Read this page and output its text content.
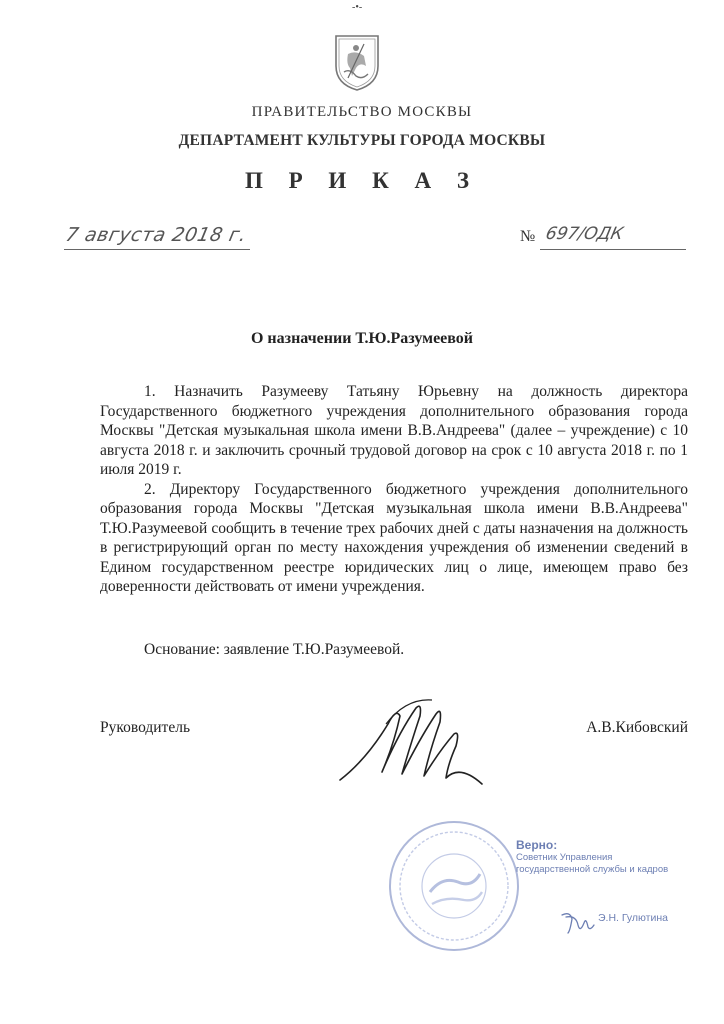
-•-
ПРАВИТЕЛЬСТВО МОСКВЫ
ДЕПАРТАМЕНТ КУЛЬТУРЫ ГОРОДА МОСКВЫ
П Р И К А З
7 августа 2018 г.	№ 697/ОДК
О назначении Т.Ю.Разумеевой

1. Назначить Разумееву Татьяну Юрьевну на должность директора Государственного бюджетного учреждения дополнительного образования города Москвы "Детская музыкальная школа имени В.В.Андреева" (далее – учреждение) с 10 августа 2018 г. и заключить срочный трудовой договор на срок с 10 августа 2018 г. по 1 июля 2019 г.

2. Директору Государственного бюджетного учреждения дополнительного образования города Москвы "Детская музыкальная школа имени В.В.Андреева" Т.Ю.Разумеевой сообщить в течение трех рабочих дней с даты назначения на должность в регистрирующий орган по месту нахождения учреждения об изменении сведений в Едином государственном реестре юридических лиц о лице, имеющем право без доверенности действовать от имени учреждения.

Основание: заявление Т.Ю.Разумеевой.
Руководитель	А.В.Кибовский
Верно:
Советник Управления
государственной службы и кадров
Э.Н. Гулютина
